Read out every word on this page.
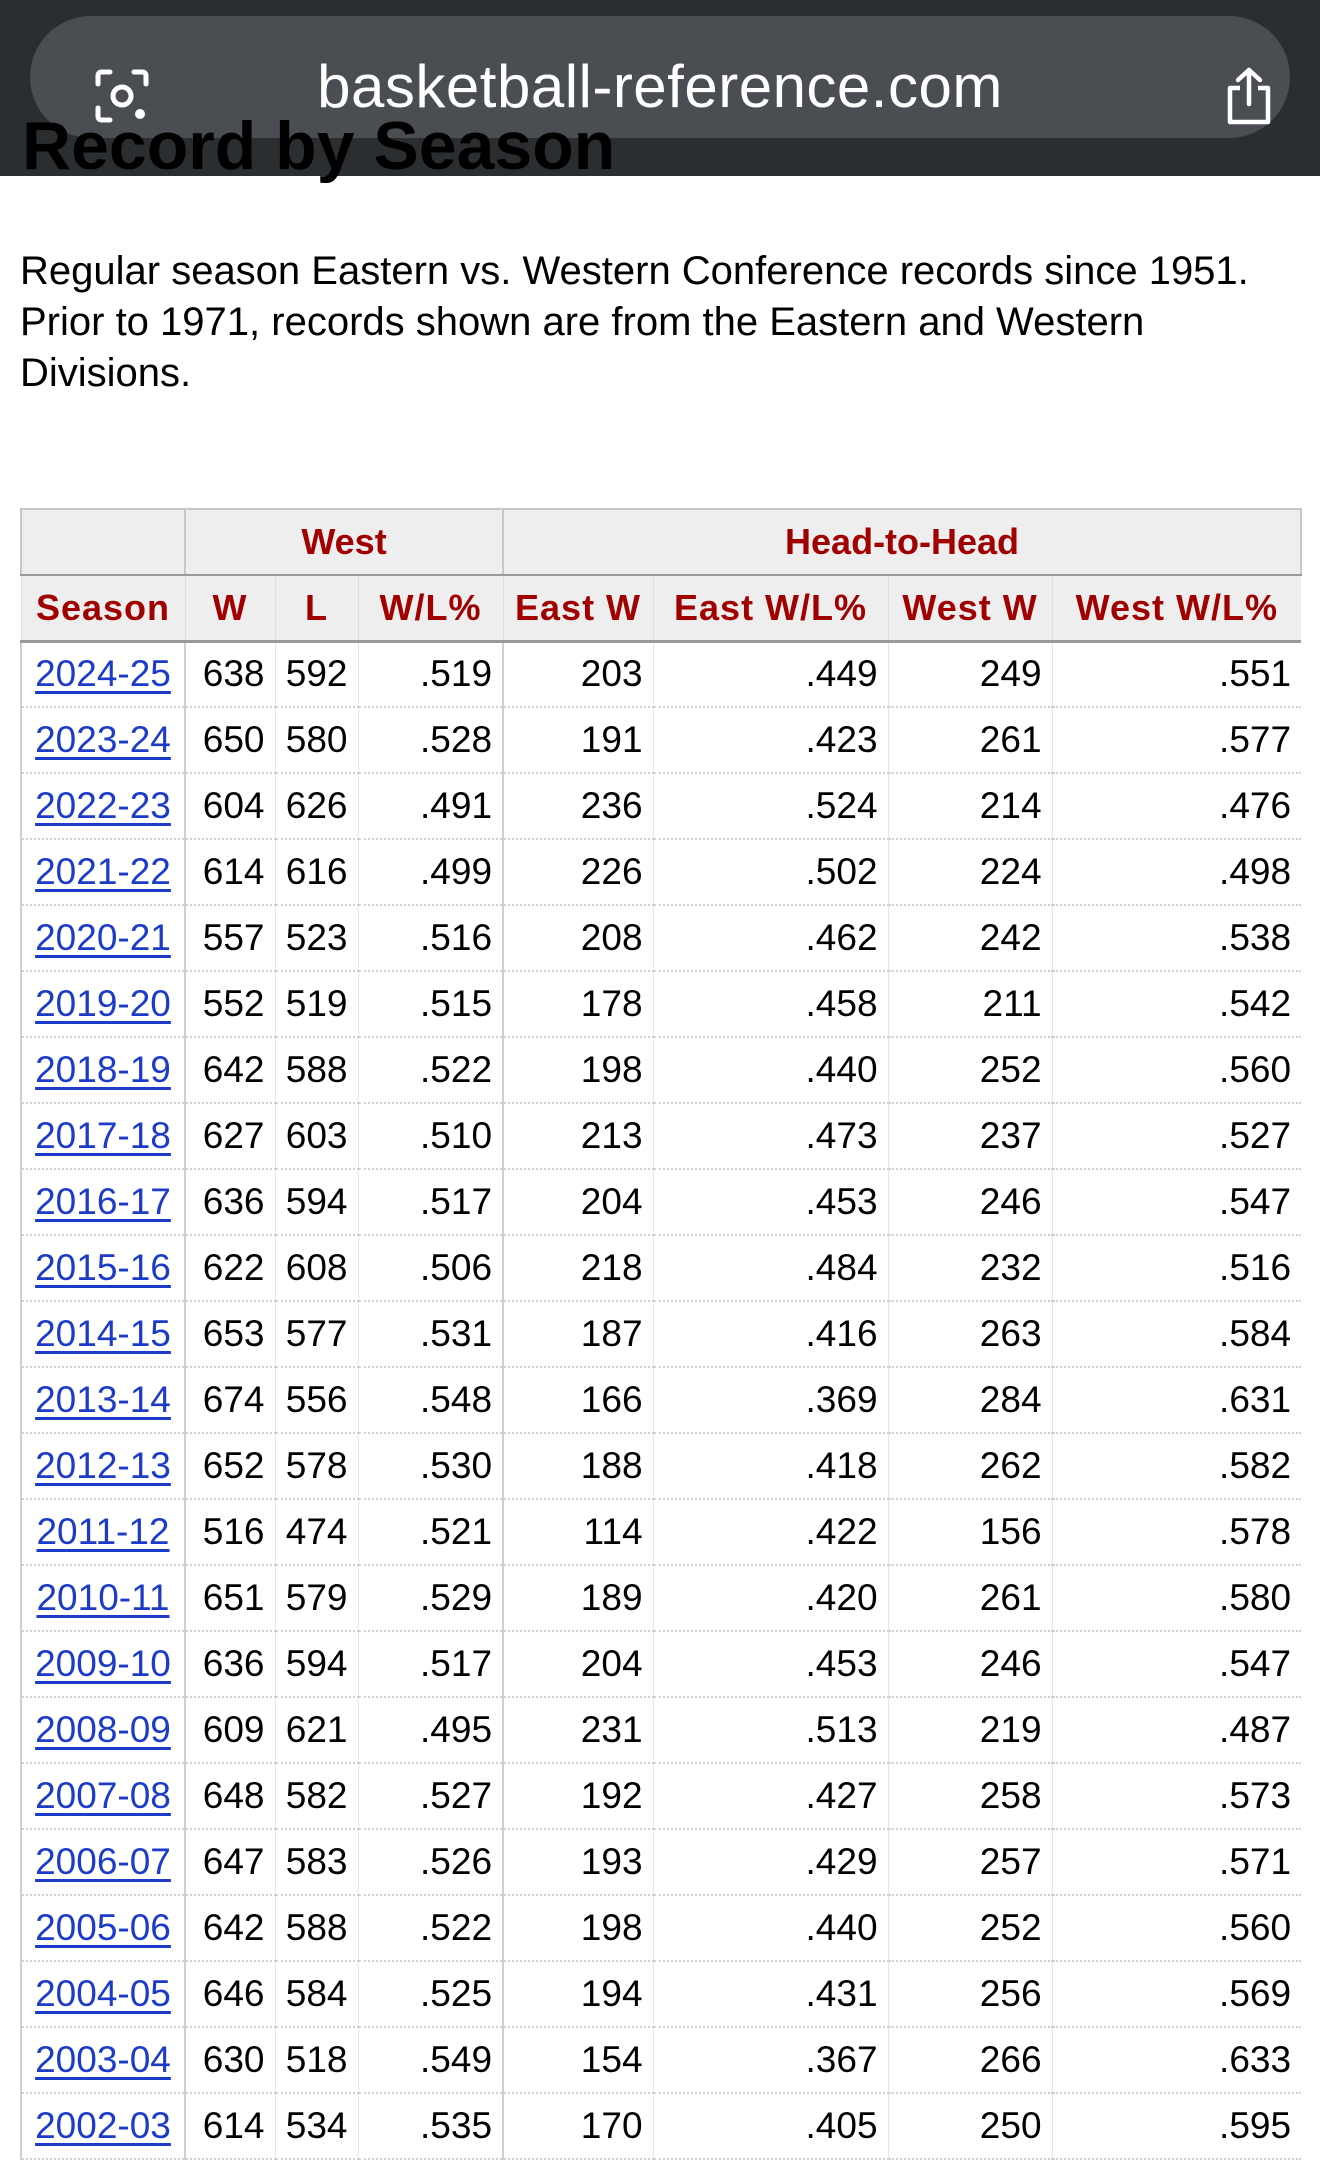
basketball-reference.com
Record by Season

Regular season Eastern vs. Western Conference records since 1951. Prior to 1971, records shown are from the Eastern and Western Divisions.

	West			Head-to-Head			
Season	W	L	W/L%	East W	East W/L%	West W	West W/L%
2024-25	638	592	.519	203	.449	249	.551
2023-24	650	580	.528	191	.423	261	.577
2022-23	604	626	.491	236	.524	214	.476
2021-22	614	616	.499	226	.502	224	.498
2020-21	557	523	.516	208	.462	242	.538
2019-20	552	519	.515	178	.458	211	.542
2018-19	642	588	.522	198	.440	252	.560
2017-18	627	603	.510	213	.473	237	.527
2016-17	636	594	.517	204	.453	246	.547
2015-16	622	608	.506	218	.484	232	.516
2014-15	653	577	.531	187	.416	263	.584
2013-14	674	556	.548	166	.369	284	.631
2012-13	652	578	.530	188	.418	262	.582
2011-12	516	474	.521	114	.422	156	.578
2010-11	651	579	.529	189	.420	261	.580
2009-10	636	594	.517	204	.453	246	.547
2008-09	609	621	.495	231	.513	219	.487
2007-08	648	582	.527	192	.427	258	.573
2006-07	647	583	.526	193	.429	257	.571
2005-06	642	588	.522	198	.440	252	.560
2004-05	646	584	.525	194	.431	256	.569
2003-04	630	518	.549	154	.367	266	.633
2002-03	614	534	.535	170	.405	250	.595
